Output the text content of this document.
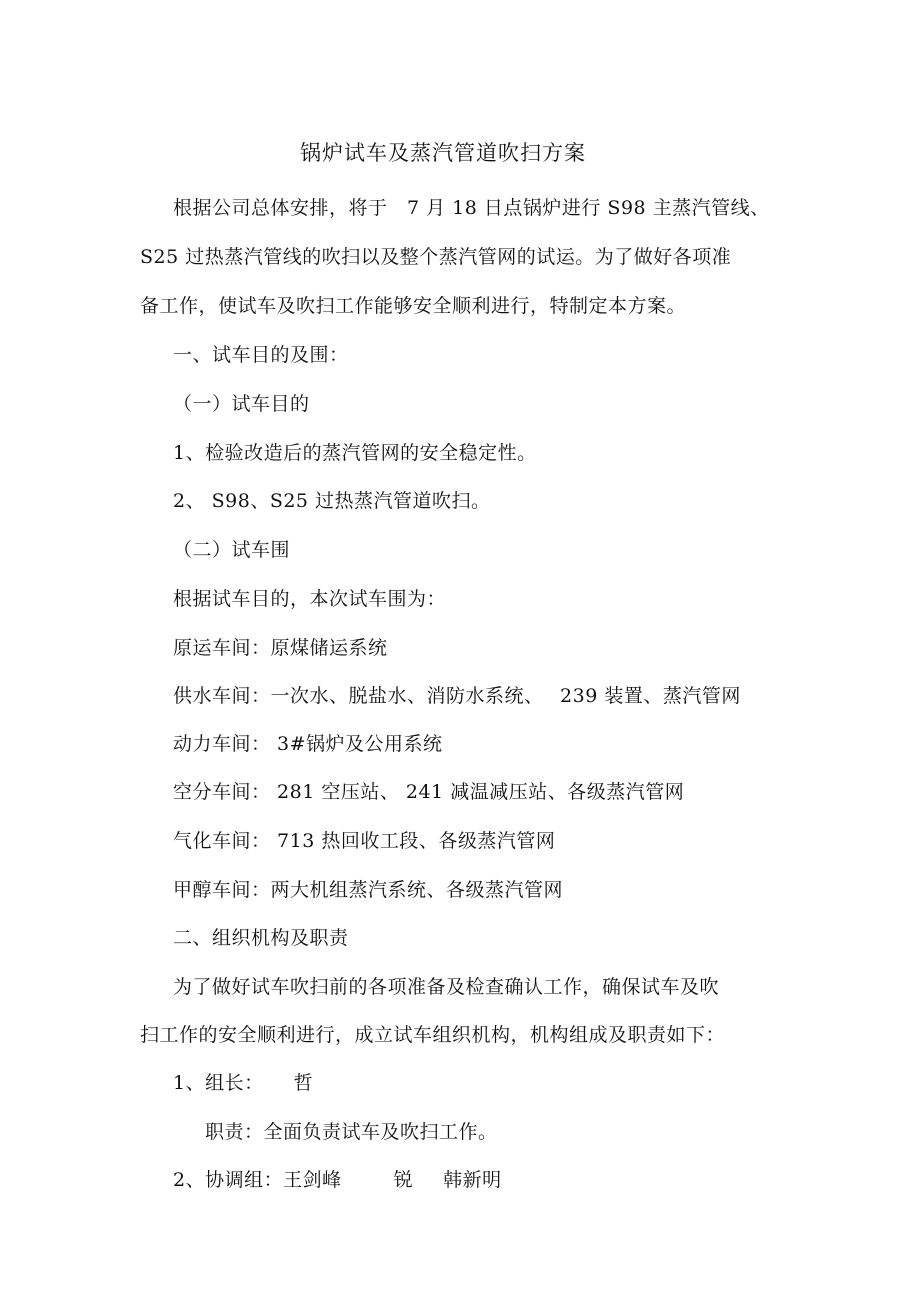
锅炉试车及蒸汽管道吹扫方案
根据公司总体安排，将于　7 月 18 日点锅炉进行 S98 主蒸汽管线、
S25 过热蒸汽管线的吹扫以及整个蒸汽管网的试运。为了做好各项准
备工作，使试车及吹扫工作能够安全顺利进行，特制定本方案。
一、试车目的及围：
（一）试车目的
1、检验改造后的蒸汽管网的安全稳定性。
2、 S98、S25 过热蒸汽管道吹扫。
（二）试车围
根据试车目的，本次试车围为：
原运车间：原煤储运系统
供水车间：一次水、脱盐水、消防水系统、　 239 装置、蒸汽管网
动力车间： 3#锅炉及公用系统
空分车间： 281 空压站、 241 减温减压站、各级蒸汽管网
气化车间： 713 热回收工段、各级蒸汽管网
甲醇车间：两大机组蒸汽系统、各级蒸汽管网
二、组织机构及职责
为了做好试车吹扫前的各项准备及检查确认工作，确保试车及吹
扫工作的安全顺利进行，成立试车组织机构，机构组成及职责如下：
1、组长： 哲
职责：全面负责试车及吹扫工作。
2、协调组：王剑峰	锐 韩新明
